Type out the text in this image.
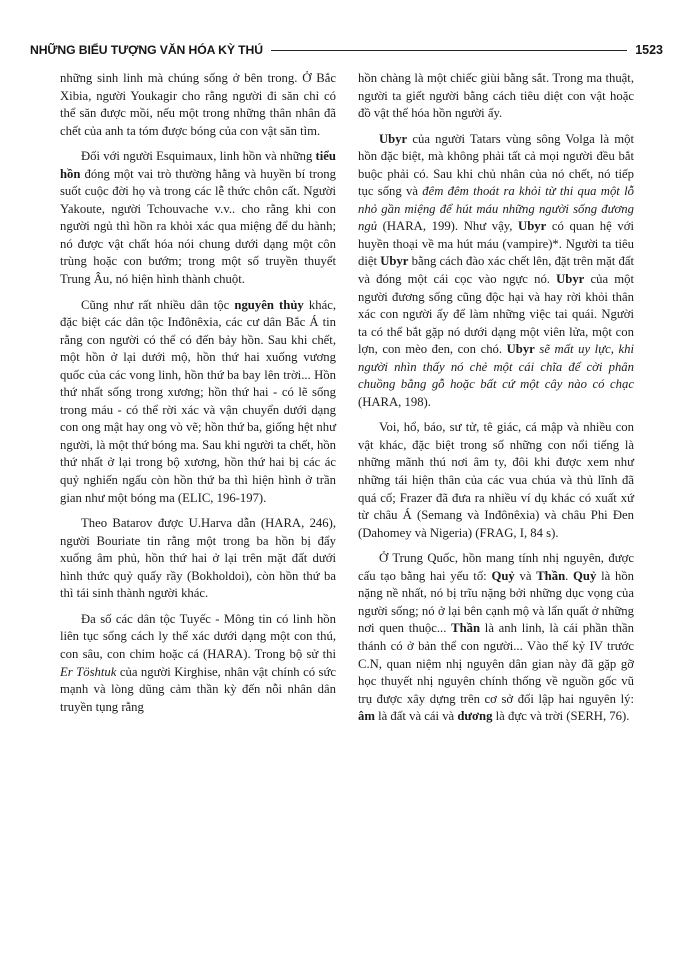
NHỮNG BIỂU TƯỢNG VĂN HÓA KỲ THÚ	1523

những sinh linh mà chúng sống ở bên trong. Ở Bắc Xibia, người Youkagir cho rằng người đi săn chỉ có thể săn được mồi, nếu một trong những thân nhân đã chết của anh ta tóm được bóng của con vật săn tìm.

Đối với người Esquimaux, linh hồn và những tiểu hồn đóng một vai trò thường hằng và huyền bí trong suốt cuộc đời họ và trong các lễ thức chôn cất. Người Yakoute, người Tchouvache v.v.. cho rằng khi con người ngủ thì hồn ra khỏi xác qua miệng để du hành; nó được vật chất hóa nói chung dưới dạng một côn trùng hoặc con bướm; trong một số truyền thuyết Trung Âu, nó hiện hình thành chuột.

Cũng như rất nhiều dân tộc nguyên thủy khác, đặc biệt các dân tộc Inđônêxia, các cư dân Bắc Á tin rằng con người có thể có đến bảy hồn. Sau khi chết, một hồn ở lại dưới mộ, hồn thứ hai xuống vương quốc của các vong linh, hồn thứ ba bay lên trời... Hồn thứ nhất sống trong xương; hồn thứ hai - có lẽ sống trong máu - có thể rời xác và vận chuyển dưới dạng con ong mật hay ong vò vẽ; hồn thứ ba, giống hệt như người, là một thứ bóng ma. Sau khi người ta chết, hồn thứ nhất ở lại trong bộ xương, hồn thứ hai bị các ác quỷ nghiến ngấu còn hồn thứ ba thì hiện hình ở trần gian như một bóng ma (ELIC, 196-197).

Theo Batarov được U.Harva dẫn (HARA, 246), người Bouriate tin rằng một trong ba hồn bị đẩy xuống âm phủ, hồn thứ hai ở lại trên mặt đất dưới hình thức quỷ quấy rầy (Bokholdoi), còn hồn thứ ba thì tái sinh thành người khác.

Đa số các dân tộc Tuyếc - Mông tin có linh hồn liên tục sống cách ly thể xác dưới dạng một con thú, con sâu, con chim hoặc cá (HARA). Trong bộ sử thi Er Töshtuk của người Kirghise, nhân vật chính có sức mạnh và lòng dũng cảm thần kỳ đến nỗi nhân dân truyền tụng rằng

hồn chàng là một chiếc giùi bằng sắt. Trong ma thuật, người ta giết người bằng cách tiêu diệt con vật hoặc đồ vật thể hóa hồn người ấy.

Ubyr của người Tatars vùng sông Volga là một hồn đặc biệt, mà không phải tất cả mọi người đều bắt buộc phải có. Sau khi chủ nhân của nó chết, nó tiếp tục sống và đêm đêm thoát ra khỏi từ thi qua một lỗ nhỏ gần miệng để hút máu những người sống đương ngủ (HARA, 199). Như vậy, Ubyr có quan hệ với huyền thoại về ma hút máu (vampire)*. Người ta tiêu diệt Ubyr bằng cách đào xác chết lên, đặt trên mặt đất và đóng một cái cọc vào ngực nó. Ubyr của một người đương sống cũng độc hại và hay rời khỏi thân xác con người ấy để làm những việc tai quái. Người ta có thể bắt gặp nó dưới dạng một viên lửa, một con lợn, con mèo đen, con chó. Ubyr sẽ mất uy lực, khi người nhìn thấy nó chẻ một cái chĩa để cời phân chuồng bằng gỗ hoặc bất cứ một cây nào có chạc (HARA, 198).

Voi, hổ, báo, sư tử, tê giác, cá mập và nhiều con vật khác, đặc biệt trong số những con nổi tiếng là những mãnh thú nơi âm ty, đôi khi được xem như những tái hiện thân của các vua chúa và thủ lĩnh đã quá cố; Frazer đã đưa ra nhiều ví dụ khác có xuất xứ từ châu Á (Semang và Inđônêxia) và châu Phi Đen (Dahomey và Nigeria) (FRAG, I, 84 s).

Ở Trung Quốc, hồn mang tính nhị nguyên, được cấu tạo bằng hai yếu tố: Quỷ và Thần. Quỷ là hồn nặng nề nhất, nó bị trĩu nặng bởi những dục vọng của người sống; nó ở lại bên cạnh mộ và lẩn quất ở những nơi quen thuộc... Thần là anh linh, là cái phần thần thánh có ở bản thể con người... Vào thế kỷ IV trước C.N, quan niệm nhị nguyên dân gian này đã gặp gỡ học thuyết nhị nguyên chính thống về nguồn gốc vũ trụ được xây dựng trên cơ sở đối lập hai nguyên lý: âm là đất và cái và dương là đực và trời (SERH, 76).
